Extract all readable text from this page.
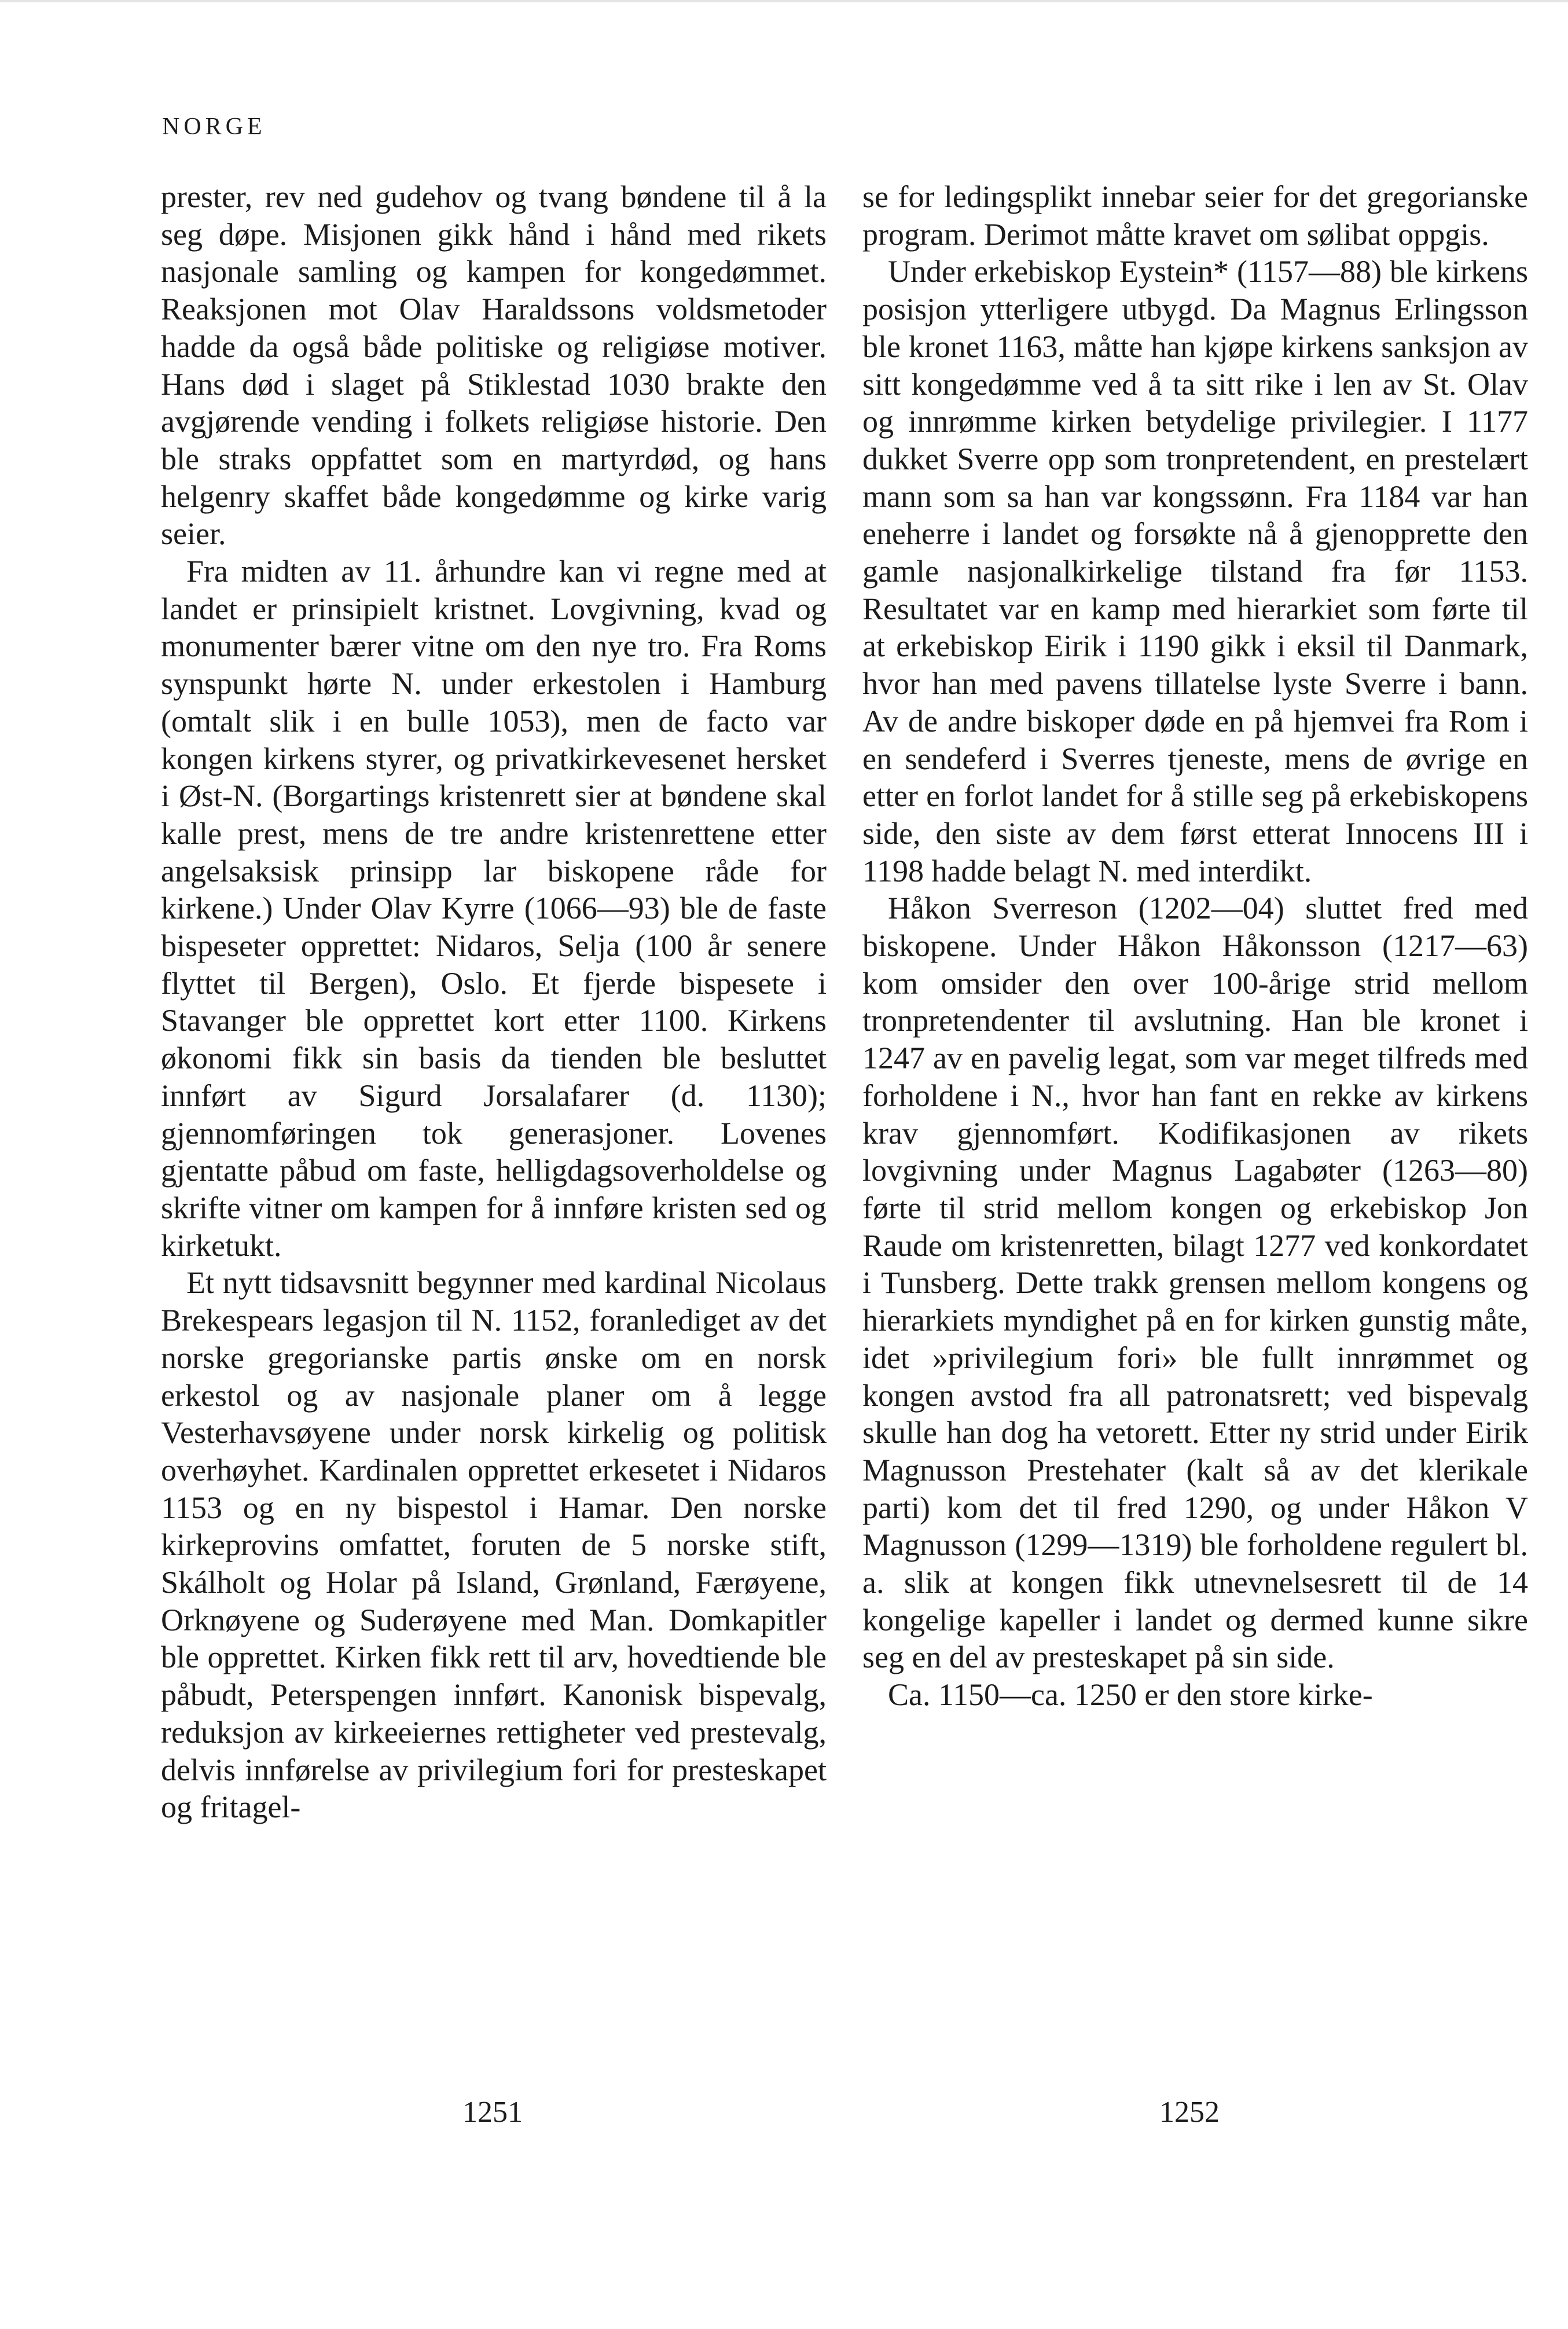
NORGE

prester, rev ned gudehov og tvang bøndene til å la seg døpe. Misjonen gikk hånd i hånd med rikets nasjonale samling og kampen for kongedømmet. Reaksjonen mot Olav Haraldssons voldsmetoder hadde da også både politiske og religiøse motiver. Hans død i slaget på Stiklestad 1030 brakte den avgjørende vending i folkets religiøse historie. Den ble straks oppfattet som en martyrdød, og hans helgenry skaffet både kongedømme og kirke varig seier.

Fra midten av 11. århundre kan vi regne med at landet er prinsipielt kristnet. Lovgivning, kvad og monumenter bærer vitne om den nye tro. Fra Roms synspunkt hørte N. under erkestolen i Hamburg (omtalt slik i en bulle 1053), men de facto var kongen kirkens styrer, og privatkirkevesenet hersket i Øst-N. (Borgartings kristenrett sier at bøndene skal kalle prest, mens de tre andre kristenrettene etter angelsaksisk prinsipp lar biskopene råde for kirkene.) Under Olav Kyrre (1066—93) ble de faste bispeseter opprettet: Nidaros, Selja (100 år senere flyttet til Bergen), Oslo. Et fjerde bispesete i Stavanger ble opprettet kort etter 1100. Kirkens økonomi fikk sin basis da tienden ble besluttet innført av Sigurd Jorsalafarer (d. 1130); gjennomføringen tok generasjoner. Lovenes gjentatte påbud om faste, helligdagsoverholdelse og skrifte vitner om kampen for å innføre kristen sed og kirketukt.

Et nytt tidsavsnitt begynner med kardinal Nicolaus Brekespears legasjon til N. 1152, foranlediget av det norske gregorianske partis ønske om en norsk erkestol og av nasjonale planer om å legge Vesterhavsøyene under norsk kirkelig og politisk overhøyhet. Kardinalen opprettet erkesetet i Nidaros 1153 og en ny bispestol i Hamar. Den norske kirkeprovins omfattet, foruten de 5 norske stift, Skálholt og Holar på Island, Grønland, Færøyene, Orknøyene og Suderøyene med Man. Domkapitler ble opprettet. Kirken fikk rett til arv, hovedtiende ble påbudt, Peterspengen innført. Kanonisk bispevalg, reduksjon av kirkeeiernes rettigheter ved prestevalg, delvis innførelse av privilegium fori for presteskapet og fritagel-

se for ledingsplikt innebar seier for det gregorianske program. Derimot måtte kravet om sølibat oppgis.

Under erkebiskop Eystein* (1157—88) ble kirkens posisjon ytterligere utbygd. Da Magnus Erlingsson ble kronet 1163, måtte han kjøpe kirkens sanksjon av sitt kongedømme ved å ta sitt rike i len av St. Olav og innrømme kirken betydelige privilegier. I 1177 dukket Sverre opp som tronpretendent, en prestelært mann som sa han var kongssønn. Fra 1184 var han eneherre i landet og forsøkte nå å gjenopprette den gamle nasjonalkirkelige tilstand fra før 1153. Resultatet var en kamp med hierarkiet som førte til at erkebiskop Eirik i 1190 gikk i eksil til Danmark, hvor han med pavens tillatelse lyste Sverre i bann. Av de andre biskoper døde en på hjemvei fra Rom i en sendeferd i Sverres tjeneste, mens de øvrige en etter en forlot landet for å stille seg på erkebiskopens side, den siste av dem først etterat Innocens III i 1198 hadde belagt N. med interdikt.

Håkon Sverreson (1202—04) sluttet fred med biskopene. Under Håkon Håkonsson (1217—63) kom omsider den over 100-årige strid mellom tronpretendenter til avslutning. Han ble kronet i 1247 av en pavelig legat, som var meget tilfreds med forholdene i N., hvor han fant en rekke av kirkens krav gjennomført. Kodifikasjonen av rikets lovgivning under Magnus Lagabøter (1263—80) førte til strid mellom kongen og erkebiskop Jon Raude om kristenretten, bilagt 1277 ved konkordatet i Tunsberg. Dette trakk grensen mellom kongens og hierarkiets myndighet på en for kirken gunstig måte, idet »privilegium fori» ble fullt innrømmet og kongen avstod fra all patronatsrett; ved bispevalg skulle han dog ha vetorett. Etter ny strid under Eirik Magnusson Prestehater (kalt så av det klerikale parti) kom det til fred 1290, og under Håkon V Magnusson (1299—1319) ble forholdene regulert bl. a. slik at kongen fikk utnevnelsesrett til de 14 kongelige kapeller i landet og dermed kunne sikre seg en del av presteskapet på sin side.

Ca. 1150—ca. 1250 er den store kirke-

1251	1252
